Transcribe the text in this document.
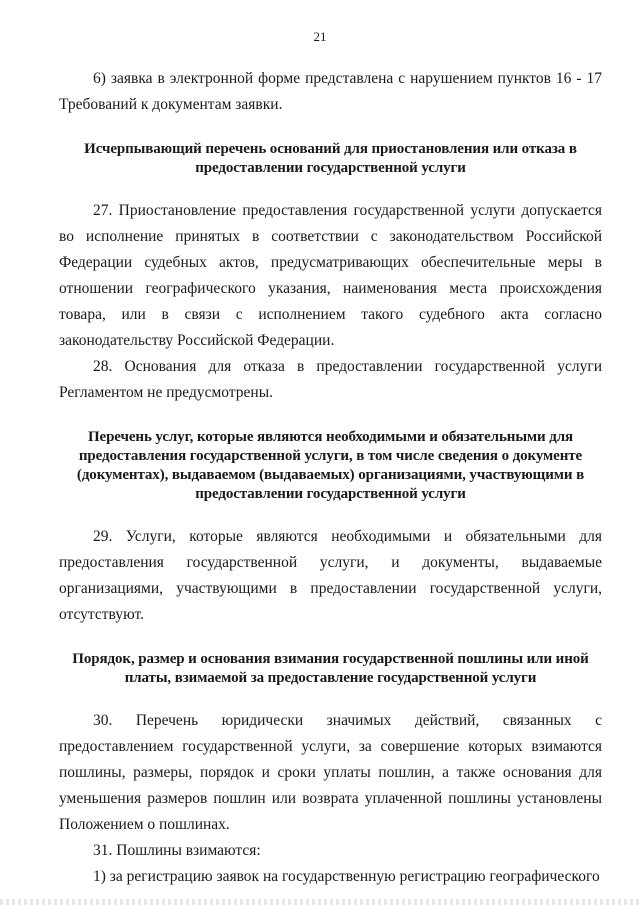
21

6) заявка в электронной форме представлена с нарушением пунктов 16 - 17 Требований к документам заявки.

Исчерпывающий перечень оснований для приостановления или отказа в предоставлении государственной услуги

27. Приостановление предоставления государственной услуги допускается во исполнение принятых в соответствии с законодательством Российской Федерации судебных актов, предусматривающих обеспечительные меры в отношении географического указания, наименования места происхождения товара, или в связи с исполнением такого судебного акта согласно законодательству Российской Федерации.

28. Основания для отказа в предоставлении государственной услуги Регламентом не предусмотрены.

Перечень услуг, которые являются необходимыми и обязательными для предоставления государственной услуги, в том числе сведения о документе (документах), выдаваемом (выдаваемых) организациями, участвующими в предоставлении государственной услуги

29. Услуги, которые являются необходимыми и обязательными для предоставления государственной услуги, и документы, выдаваемые организациями, участвующими в предоставлении государственной услуги, отсутствуют.

Порядок, размер и основания взимания государственной пошлины или иной платы, взимаемой за предоставление государственной услуги

30. Перечень юридически значимых действий, связанных с предоставлением государственной услуги, за совершение которых взимаются пошлины, размеры, порядок и сроки уплаты пошлин, а также основания для уменьшения размеров пошлин или возврата уплаченной пошлины установлены Положением о пошлинах.

31. Пошлины взимаются:

1) за регистрацию заявок на государственную регистрацию географического
